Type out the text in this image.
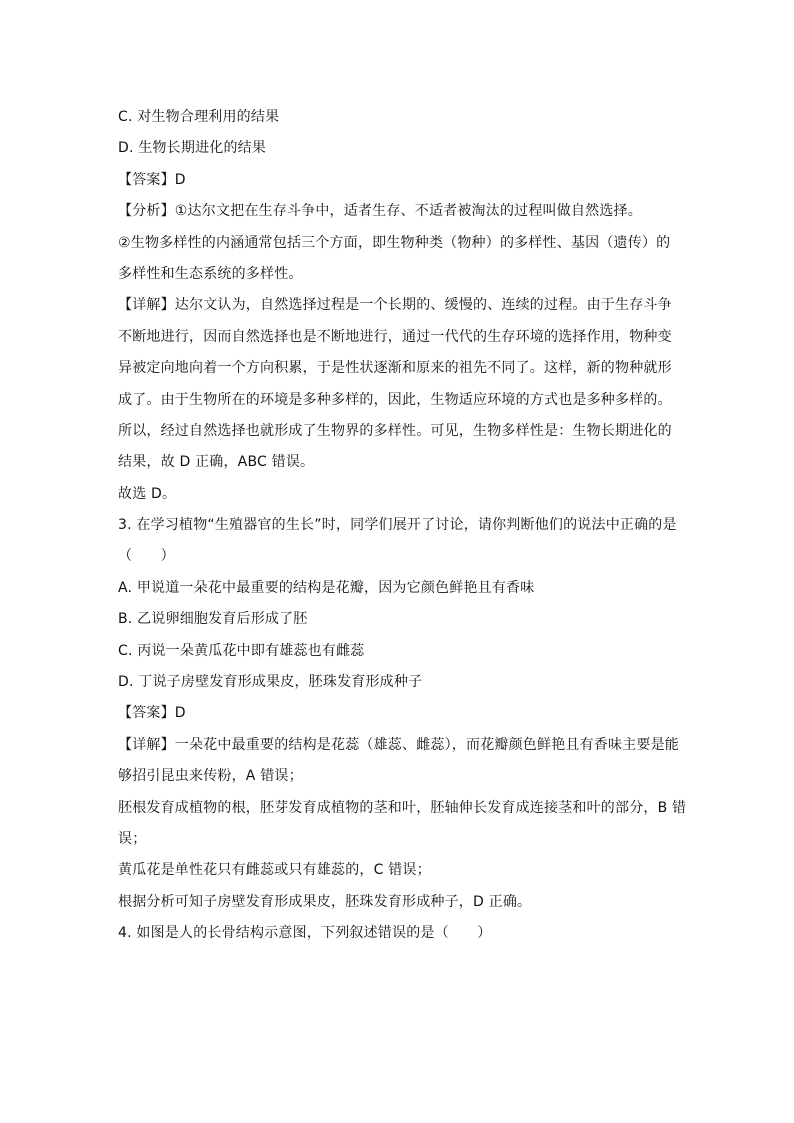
C. 对生物合理利用的结果
D. 生物长期进化的结果
【答案】D
【分析】①达尔文把在生存斗争中，适者生存、不适者被淘汰的过程叫做自然选择。
②生物多样性的内涵通常包括三个方面，即生物种类（物种）的多样性、基因（遗传）的
多样性和生态系统的多样性。
【详解】达尔文认为，自然选择过程是一个长期的、缓慢的、连续的过程。由于生存斗争
不断地进行，因而自然选择也是不断地进行，通过一代代的生存环境的选择作用，物种变
异被定向地向着一个方向积累，于是性状逐渐和原来的祖先不同了。这样，新的物种就形
成了。由于生物所在的环境是多种多样的，因此，生物适应环境的方式也是多种多样的。
所以，经过自然选择也就形成了生物界的多样性。可见，生物多样性是：生物长期进化的
结果，故 D 正确，ABC 错误。
故选 D。
3. 在学习植物“生殖器官的生长”时，同学们展开了讨论，请你判断他们的说法中正确的是
（　　）
A. 甲说道一朵花中最重要的结构是花瓣，因为它颜色鲜艳且有香味
B. 乙说卵细胞发育后形成了胚
C. 丙说一朵黄瓜花中即有雄蕊也有雌蕊
D. 丁说子房壁发育形成果皮，胚珠发育形成种子
【答案】D
【详解】一朵花中最重要的结构是花蕊（雄蕊、雌蕊），而花瓣颜色鲜艳且有香味主要是能
够招引昆虫来传粉，A 错误；
胚根发育成植物的根，胚芽发育成植物的茎和叶，胚轴伸长发育成连接茎和叶的部分，B 错
误；
黄瓜花是单性花只有雌蕊或只有雄蕊的，C 错误；
根据分析可知子房壁发育形成果皮，胚珠发育形成种子，D 正确。
4. 如图是人的长骨结构示意图，下列叙述错误的是（　　）
